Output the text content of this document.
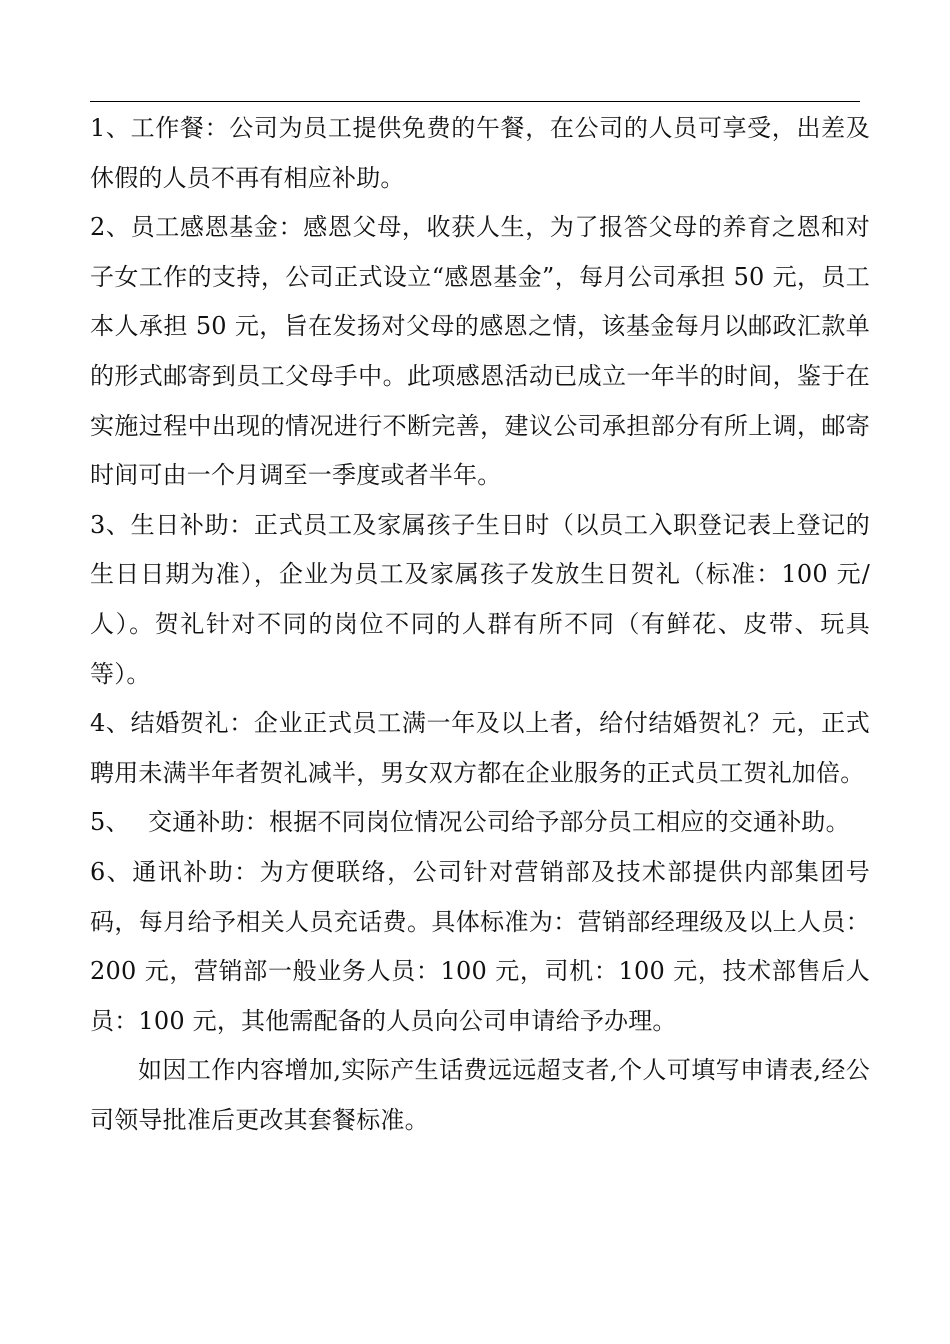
1、工作餐：公司为员工提供免费的午餐，在公司的人员可享受，出差及休假的人员不再有相应补助。

2、员工感恩基金：感恩父母，收获人生，为了报答父母的养育之恩和对子女工作的支持，公司正式设立“感恩基金”，每月公司承担 50 元，员工本人承担 50 元，旨在发扬对父母的感恩之情，该基金每月以邮政汇款单的形式邮寄到员工父母手中。此项感恩活动已成立一年半的时间，鉴于在实施过程中出现的情况进行不断完善，建议公司承担部分有所上调，邮寄时间可由一个月调至一季度或者半年。

3、生日补助：正式员工及家属孩子生日时（以员工入职登记表上登记的生日日期为准），企业为员工及家属孩子发放生日贺礼（标准：100 元/人）。贺礼针对不同的岗位不同的人群有所不同（有鲜花、皮带、玩具等）。

4、结婚贺礼：企业正式员工满一年及以上者，给付结婚贺礼？元，正式聘用未满半年者贺礼减半，男女双方都在企业服务的正式员工贺礼加倍。

5、 交通补助：根据不同岗位情况公司给予部分员工相应的交通补助。

6、通讯补助：为方便联络，公司针对营销部及技术部提供内部集团号码，每月给予相关人员充话费。具体标准为：营销部经理级及以上人员：200 元，营销部一般业务人员：100 元，司机：100 元，技术部售后人员：100 元，其他需配备的人员向公司申请给予办理。

如因工作内容增加,实际产生话费远远超支者,个人可填写申请表,经公司领导批准后更改其套餐标准。
